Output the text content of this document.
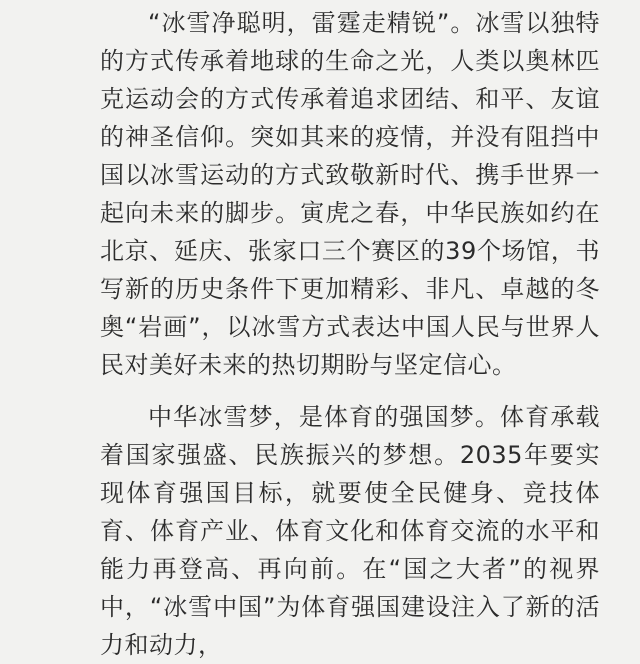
“冰雪净聪明，雷霆走精锐”。冰雪以独特的方式传承着地球的生命之光，人类以奥林匹克运动会的方式传承着追求团结、和平、友谊的神圣信仰。突如其来的疫情，并没有阻挡中国以冰雪运动的方式致敬新时代、携手世界一起向未来的脚步。寅虎之春，中华民族如约在北京、延庆、张家口三个赛区的39个场馆，书写新的历史条件下更加精彩、非凡、卓越的冬奥“岩画”，以冰雪方式表达中国人民与世界人民对美好未来的热切期盼与坚定信心。

中华冰雪梦，是体育的强国梦。体育承载着国家强盛、民族振兴的梦想。2035年要实现体育强国目标，就要使全民健身、竞技体育、体育产业、体育文化和体育交流的水平和能力再登高、再向前。在“国之大者”的视界中，“冰雪中国”为体育强国建设注入了新的活力和动力，
